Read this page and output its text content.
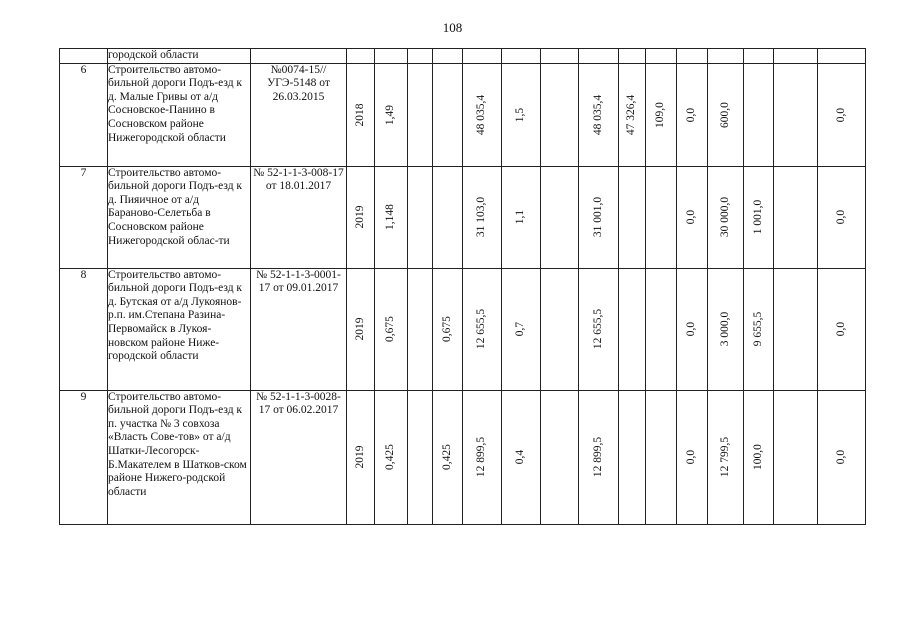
108
	городской области																
6	Строительство автомо-бильной дороги Подъ-езд к д. Малые Гривы от а/д Сосновское-Панино в Сосновском районе Нижегородской области	№0074-15//УГЭ-5148 от 26.03.2015	2018	1,49			48 035,4	1,5		48 035,4	47 326,4	109,0	0,0	600,0			0,0

7	Строительство автомо-бильной дороги Подъ-езд к д. Пияичное от а/д Бараново-Селетьба в Сосновском районе Нижегородской облас-ти	№ 52-1-1-3-008-17 от 18.01.2017	2019	1,148			31 103,0	1,1		31 001,0			0,0	30 000,0	1 001,0		0,0

8	Строительство автомо-бильной дороги Подъ-езд к д. Бутская от а/д Лукоянов-р.п. им.Степана Разина-Первомайск в Лукоя-новском районе Ниже-городской области	№ 52-1-1-3-0001-17 от 09.01.2017	2019	0,675		0,675	12 655,5	0,7		12 655,5			0,0	3 000,0	9 655,5		0,0

9	Строительство автомо-бильной дороги Подъ-езд к п. участка № 3 совхоза «Власть Сове-тов» от а/д Шатки-Лесогорск-Б.Макателем в Шатков-ском районе Нижего-родской области	№ 52-1-1-3-0028-17 от 06.02.2017	2019	0,425		0,425	12 899,5	0,4		12 899,5			0,0	12 799,5	100,0		0,0
